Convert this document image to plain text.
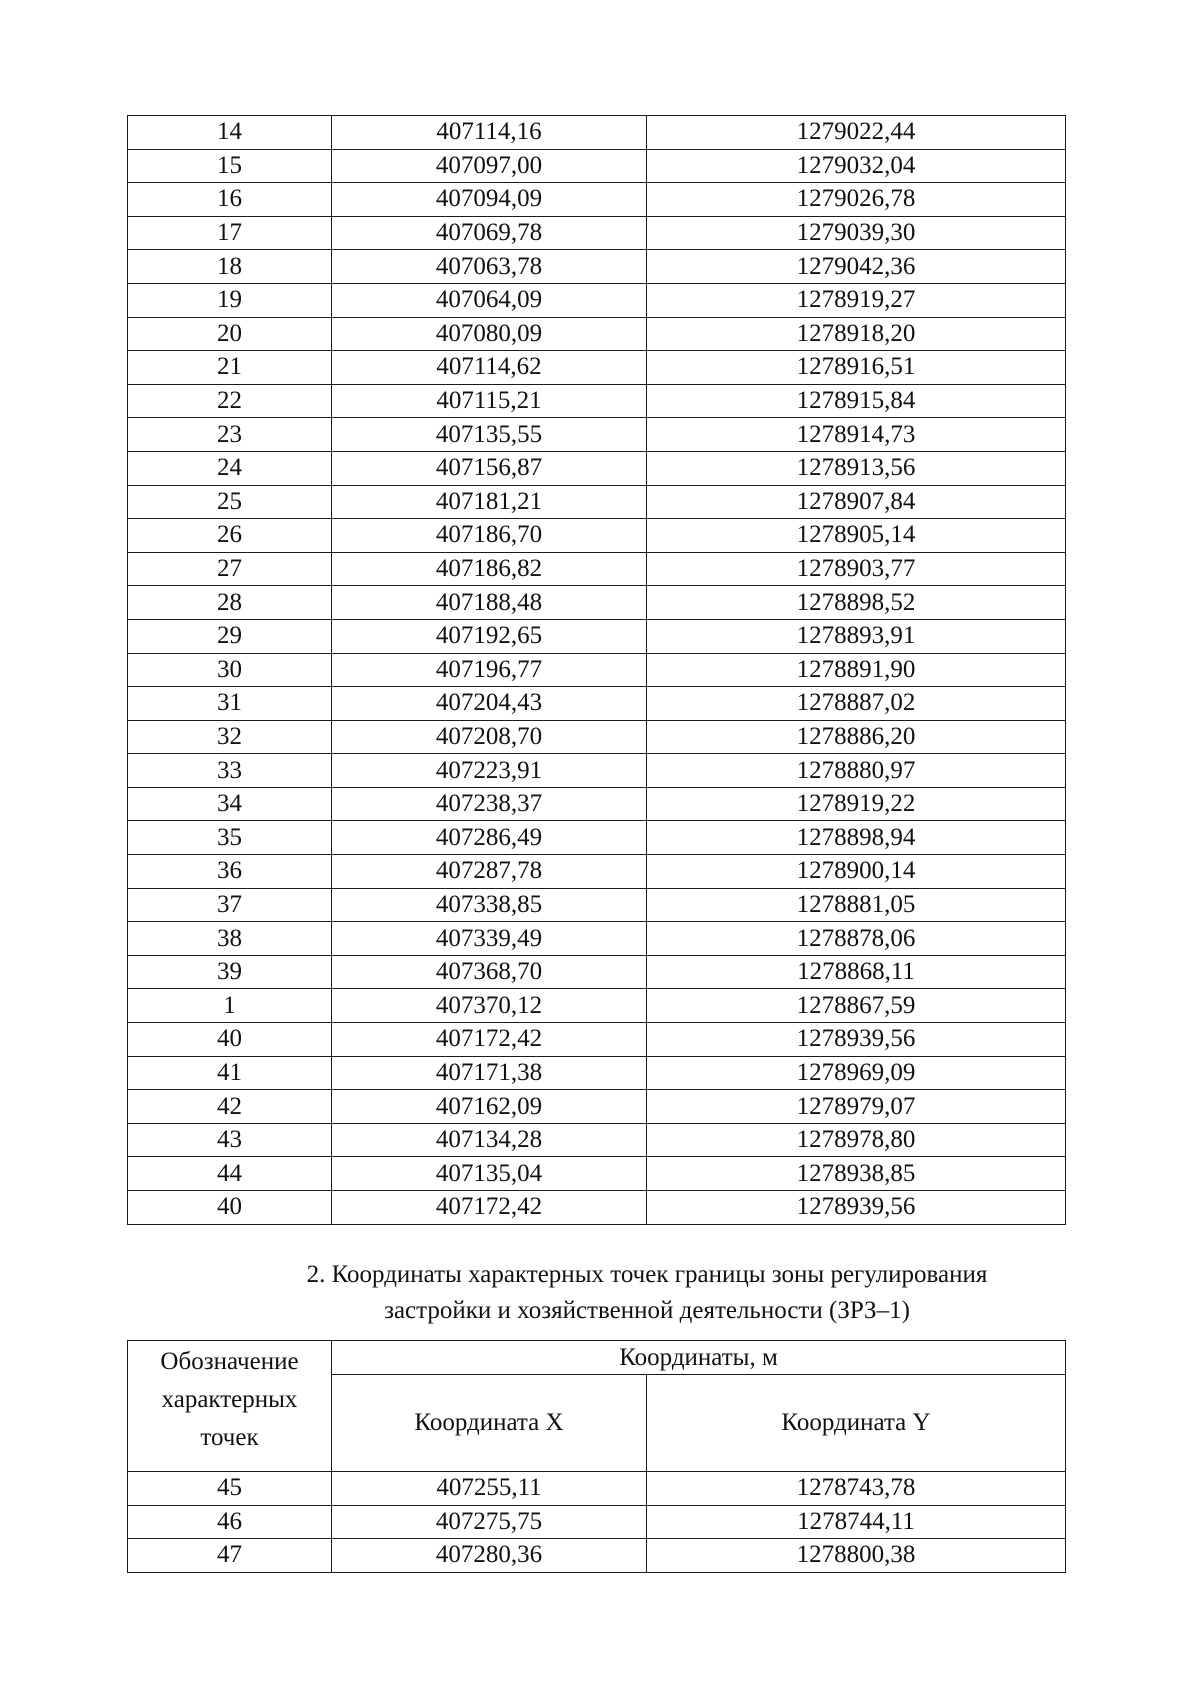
14	407114,16	1279022,44
15	407097,00	1279032,04
16	407094,09	1279026,78
17	407069,78	1279039,30
18	407063,78	1279042,36
19	407064,09	1278919,27
20	407080,09	1278918,20
21	407114,62	1278916,51
22	407115,21	1278915,84
23	407135,55	1278914,73
24	407156,87	1278913,56
25	407181,21	1278907,84
26	407186,70	1278905,14
27	407186,82	1278903,77
28	407188,48	1278898,52
29	407192,65	1278893,91
30	407196,77	1278891,90
31	407204,43	1278887,02
32	407208,70	1278886,20
33	407223,91	1278880,97
34	407238,37	1278919,22
35	407286,49	1278898,94
36	407287,78	1278900,14
37	407338,85	1278881,05
38	407339,49	1278878,06
39	407368,70	1278868,11
1	407370,12	1278867,59
40	407172,42	1278939,56
41	407171,38	1278969,09
42	407162,09	1278979,07
43	407134,28	1278978,80
44	407135,04	1278938,85
40	407172,42	1278939,56
2. Координаты характерных точек границы зоны регулирования
застройки и хозяйственной деятельности (ЗРЗ–1)
Обозначение
характерных
точек	Координаты, м	
	Координата X	Координата Y
45	407255,11	1278743,78
46	407275,75	1278744,11
47	407280,36	1278800,38
